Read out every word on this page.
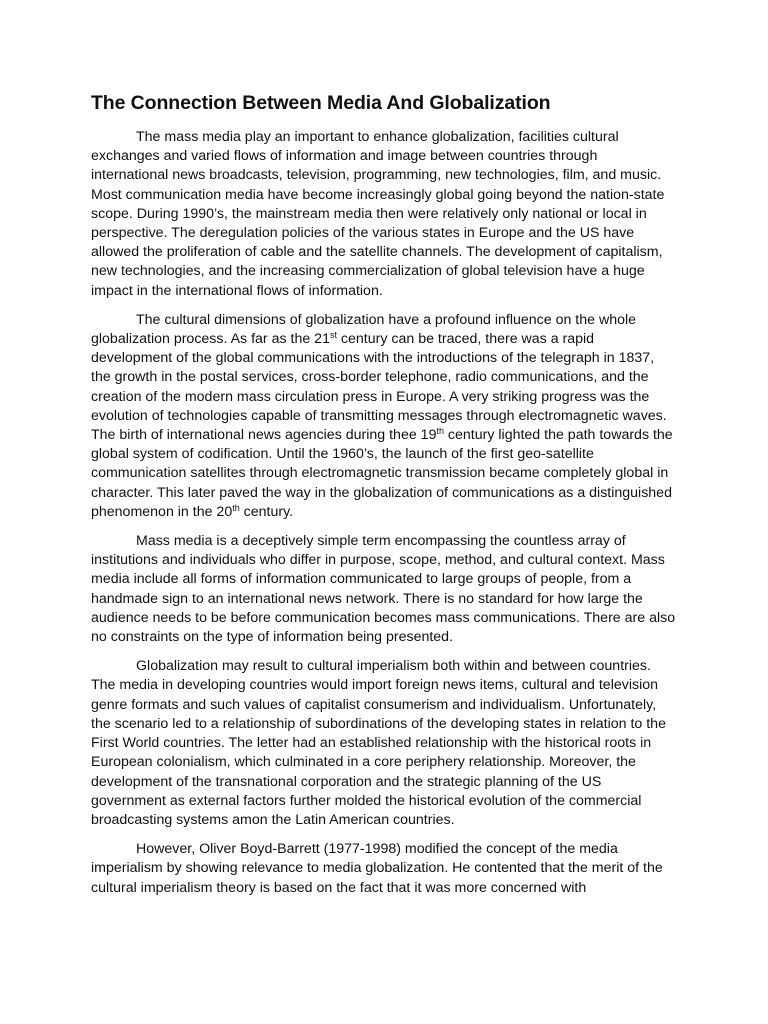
The Connection Between Media And Globalization

The mass media play an important to enhance globalization, facilities cultural exchanges and varied flows of information and image between countries through international news broadcasts, television, programming, new technologies, film, and music. Most communication media have become increasingly global going beyond the nation-state scope. During 1990’s, the mainstream media then were relatively only national or local in perspective. The deregulation policies of the various states in Europe and the US have allowed the proliferation of cable and the satellite channels. The development of capitalism, new technologies, and the increasing commercialization of global television have a huge impact in the international flows of information.

The cultural dimensions of globalization have a profound influence on the whole globalization process. As far as the 21st century can be traced, there was a rapid development of the global communications with the introductions of the telegraph in 1837, the growth in the postal services, cross-border telephone, radio communications, and the creation of the modern mass circulation press in Europe. A very striking progress was the evolution of technologies capable of transmitting messages through electromagnetic waves. The birth of international news agencies during thee 19th century lighted the path towards the global system of codification. Until the 1960’s, the launch of the first geo-satellite communication satellites through electromagnetic transmission became completely global in character. This later paved the way in the globalization of communications as a distinguished phenomenon in the 20th century.

Mass media is a deceptively simple term encompassing the countless array of institutions and individuals who differ in purpose, scope, method, and cultural context. Mass media include all forms of information communicated to large groups of people, from a handmade sign to an international news network. There is no standard for how large the audience needs to be before communication becomes mass communications. There are also no constraints on the type of information being presented.

Globalization may result to cultural imperialism both within and between countries. The media in developing countries would import foreign news items, cultural and television genre formats and such values of capitalist consumerism and individualism. Unfortunately, the scenario led to a relationship of subordinations of the developing states in relation to the First World countries. The letter had an established relationship with the historical roots in European colonialism, which culminated in a core periphery relationship. Moreover, the development of the transnational corporation and the strategic planning of the US government as external factors further molded the historical evolution of the commercial broadcasting systems amon the Latin American countries.

However, Oliver Boyd-Barrett (1977-1998) modified the concept of the media imperialism by showing relevance to media globalization. He contented that the merit of the cultural imperialism theory is based on the fact that it was more concerned with
